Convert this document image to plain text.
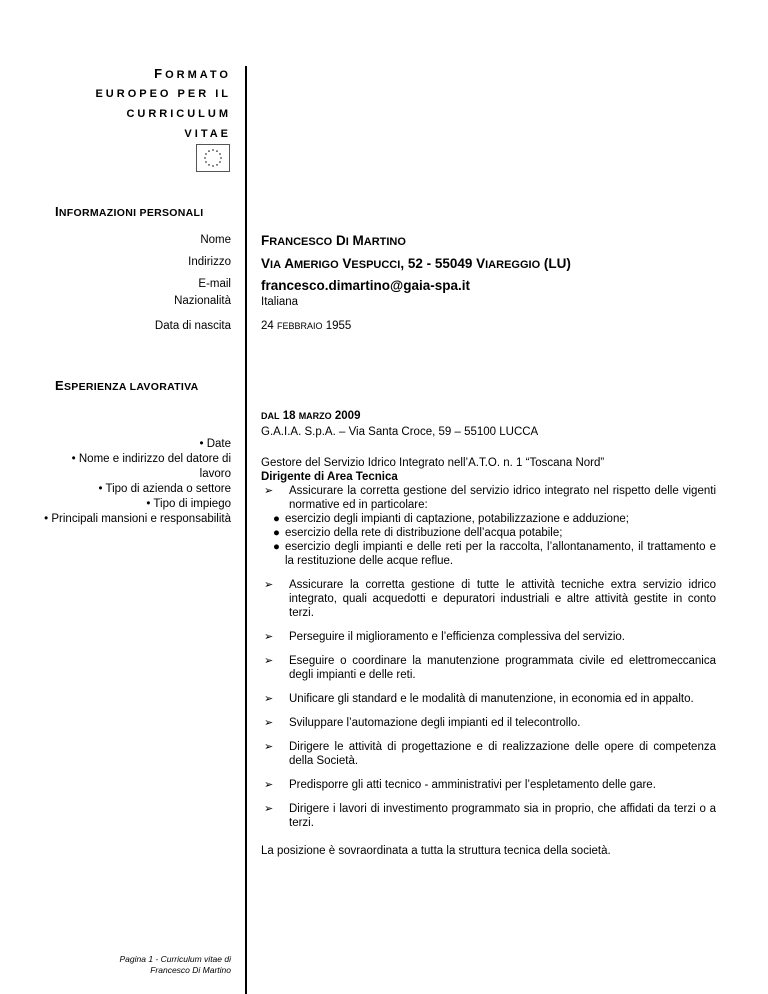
FORMATO
EUROPEO PER IL
CURRICULUM
VITAE
INFORMAZIONI PERSONALI
Nome FRANCESCO DI MARTINO
Indirizzo VIA AMERIGO VESPUCCI, 52 - 55049 VIAREGGIO (LU)
E-mail francesco.dimartino@gaia-spa.it
Nazionalità	Italiana
Data di nascita	24 FEBBRAIO 1955
ESPERIENZA LAVORATIVA
• Date
• Nome e indirizzo del datore di lavoro
• Tipo di azienda o settore
• Tipo di impiego
• Principali mansioni e responsabilità
DAL 18 MARZO 2009
G.A.I.A. S.p.A. – Via Santa Croce, 59 – 55100 LUCCA
Gestore del Servizio Idrico Integrato nell’A.T.O. n. 1 “Toscana Nord”
Dirigente di Area Tecnica
➢ Assicurare la corretta gestione del servizio idrico integrato nel rispetto delle vigenti normative ed in particolare:
● esercizio degli impianti di captazione, potabilizzazione e adduzione;
● esercizio della rete di distribuzione dell’acqua potabile;
● esercizio degli impianti e delle reti per la raccolta, l’allontanamento, il trattamento e la restituzione delle acque reflue.
➢ Assicurare la corretta gestione di tutte le attività tecniche extra servizio idrico integrato, quali acquedotti e depuratori industriali e altre attività gestite in conto terzi.
➢ Perseguire il miglioramento e l’efficienza complessiva del servizio.
➢ Eseguire o coordinare la manutenzione programmata civile ed elettromeccanica degli impianti e delle reti.
➢ Unificare gli standard e le modalità di manutenzione, in economia ed in appalto.
➢ Sviluppare l’automazione degli impianti ed il telecontrollo.
➢ Dirigere le attività di progettazione e di realizzazione delle opere di competenza della Società.
➢ Predisporre gli atti tecnico - amministrativi per l’espletamento delle gare.
➢ Dirigere i lavori di investimento programmato sia in proprio, che affidati da terzi o a terzi.
La posizione è sovraordinata a tutta la struttura tecnica della società.
Pagina 1 - Curriculum vitae di
Francesco Di Martino
